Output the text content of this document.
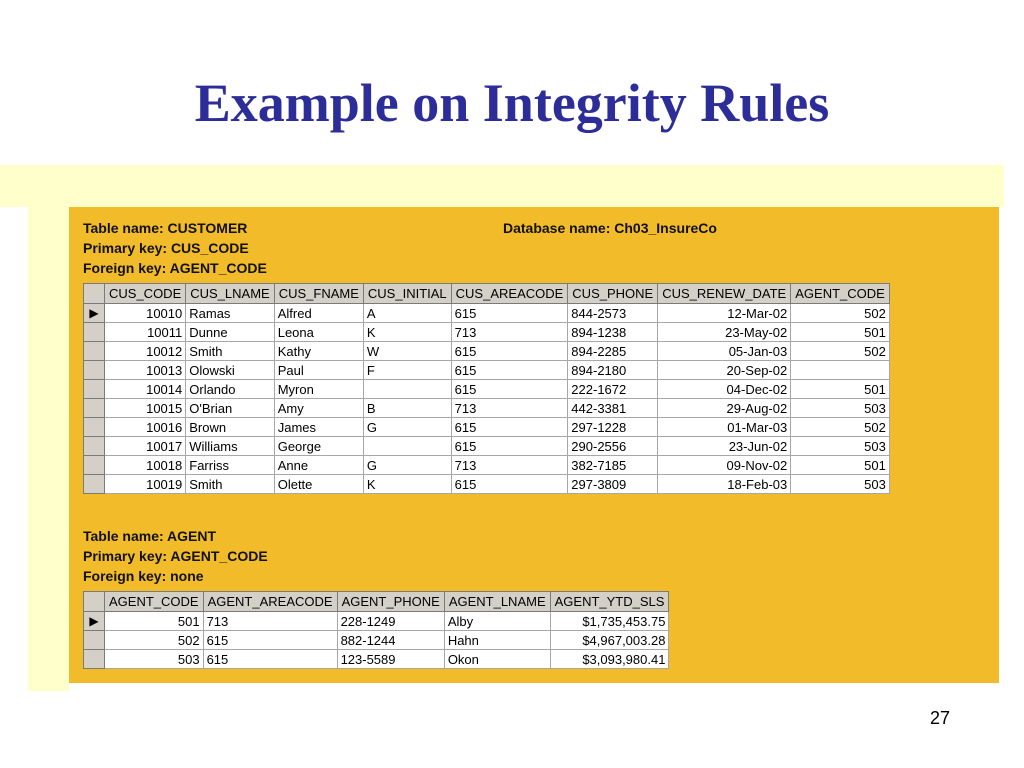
Example on Integrity Rules
Table name: CUSTOMER
Primary key: CUS_CODE
Foreign key: AGENT_CODE
Database name: Ch03_InsureCo
	CUS_CODE	CUS_LNAME	CUS_FNAME	CUS_INITIAL	CUS_AREACODE	CUS_PHONE	CUS_RENEW_DATE	AGENT_CODE
▶	10010	Ramas	Alfred	A	615	844-2573	12-Mar-02	502
	10011	Dunne	Leona	K	713	894-1238	23-May-02	501
	10012	Smith	Kathy	W	615	894-2285	05-Jan-03	502
	10013	Olowski	Paul	F	615	894-2180	20-Sep-02	
	10014	Orlando	Myron		615	222-1672	04-Dec-02	501
	10015	O'Brian	Amy	B	713	442-3381	29-Aug-02	503
	10016	Brown	James	G	615	297-1228	01-Mar-03	502
	10017	Williams	George		615	290-2556	23-Jun-02	503
	10018	Farriss	Anne	G	713	382-7185	09-Nov-02	501
	10019	Smith	Olette	K	615	297-3809	18-Feb-03	503
Table name: AGENT
Primary key: AGENT_CODE
Foreign key: none
	AGENT_CODE	AGENT_AREACODE	AGENT_PHONE	AGENT_LNAME	AGENT_YTD_SLS
▶	501	713	228-1249	Alby	$1,735,453.75
	502	615	882-1244	Hahn	$4,967,003.28
	503	615	123-5589	Okon	$3,093,980.41
27
